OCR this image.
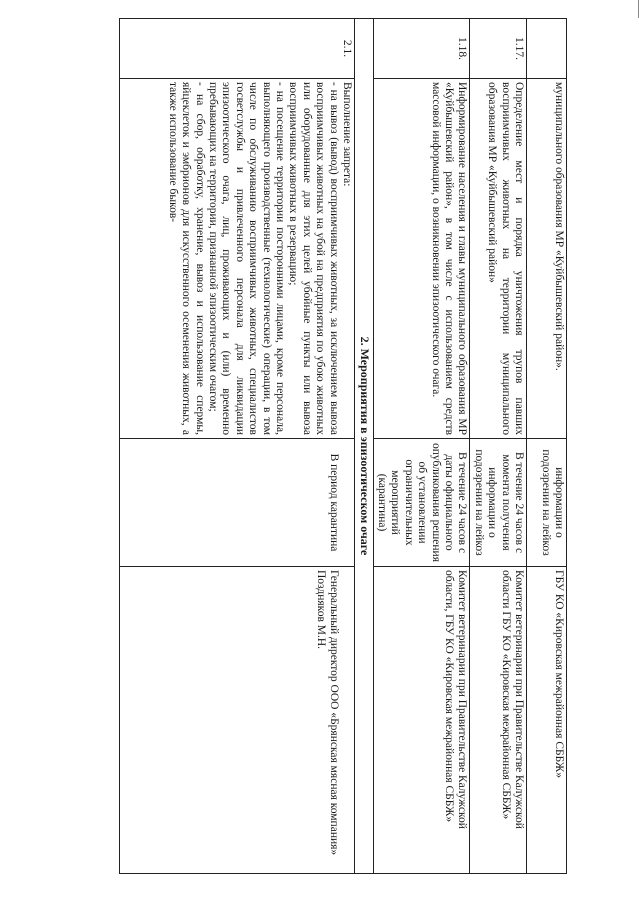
	муниципального образования МР «Куйбышевский район».	информации о подозрении на лейкоз	ГБУ КО «Кировская межрайонная СББЖ»
1.17.	Определение мест и порядка уничтожения трупов павших восприимчивых животных на территории муниципального образования МР «Куйбышевский район»	В течение 24 часов с момента получения информации о подозрении на лейкоз	Комитет ветеринарии при Правительстве Калужской области ГБУ КО «Кировская межрайонная СББЖ»
1.18.	Информирование населения и главы муниципального образования МР «Куйбышевский район», в том числе с использованием средств массовой информации, о возникновении эпизоотического очага.	В течение 24 часов с даты официального опубликования решения об установлении ограничительных мероприятий (карантина)	Комитет ветеринарии при Правительстве Калужской области, ГБУ КО «Кировская межрайонная СББЖ»
2. Мероприятия в эпизоотическом очаге			
2.1.	Выполнение запрета:
- на вывоз (вывод) восприимчивых животных, за исключением вывоза восприимчивых животных на убой на предприятия по убою животных или оборудованные для этих целей убойные пункты или вывоза восприимчивых животных в резервацию;
- на посещение территории посторонними лицами, кроме персонала, выполняющего производственные (технологические) операции, в том числе по обслуживанию восприимчивых животных, специалистов госветслужбы и привлеченного персонала для ликвидации эпизоотического очага, лиц, проживающих и (или) временно пребывающих на территории, признанной эпизоотическим очагом;
- на сбор, обработку, хранение, вывоз и использование спермы, яйцеклеток и эмбрионов для искусственного осеменения животных, а также использование быков-	В период карантина	Генеральный директор ООО «Брянская мясная компания» Поздняков М.Н.
